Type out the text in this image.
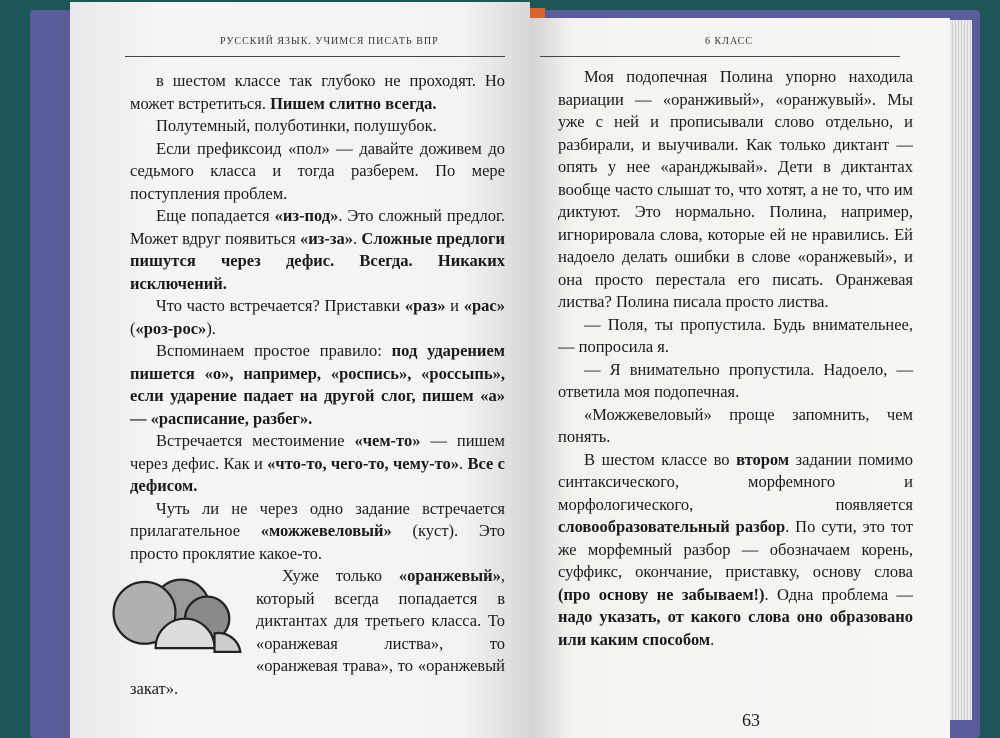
РУССКИЙ ЯЗЫК. УЧИМСЯ ПИСАТЬ ВПР

в шестом классе так глубоко не проходят. Но может встретиться. Пишем слитно всегда.

Полутемный, полуботинки, полушубок.

Если префиксоид «пол» — давайте доживем до седьмого класса и тогда разберем. По мере поступления проблем.

Еще попадается «из-под». Это сложный предлог. Может вдруг появиться «из-за». Сложные предлоги пишутся через дефис. Всегда. Никаких исключений.

Что часто встречается? Приставки «раз» и «рас» («роз-рос»).

Вспоминаем простое правило: под ударением пишется «о», например, «роспись», «россыпь», если ударение падает на другой слог, пишем «а» — «расписание, разбег».

Встречается местоимение «чем-то» — пишем через дефис. Как и «что-то, чего-то, чему-то». Все с дефисом.

Чуть ли не через одно задание встречается прилагательное «можжевеловый» (куст). Это просто проклятие какое-то.

Хуже только «оранжевый», который всегда попадается в диктантах для третьего класса. То «оранжевая листва», то «оранжевая трава», то «оранжевый закат».

6 КЛАСС

Моя подопечная Полина упорно находила вариации — «оранживый», «оранжувый». Мы уже с ней и прописывали слово отдельно, и разбирали, и выучивали. Как только диктант — опять у нее «аранджывай». Дети в диктантах вообще часто слышат то, что хотят, а не то, что им диктуют. Это нормально. Полина, например, игнорировала слова, которые ей не нравились. Ей надоело делать ошибки в слове «оранжевый», и она просто перестала его писать. Оранжевая листва? Полина писала просто листва.

— Поля, ты пропустила. Будь внимательнее, — попросила я.

— Я внимательно пропустила. Надоело, — ответила моя подопечная.

«Можжевеловый» проще запомнить, чем понять.

В шестом классе во втором задании помимо синтаксического, морфемного и морфологического, появляется словообразовательный разбор. По сути, это тот же морфемный разбор — обозначаем корень, суффикс, окончание, приставку, основу слова (про основу не забываем!). Одна проблема — надо указать, от какого слова оно образовано или каким способом.

63
